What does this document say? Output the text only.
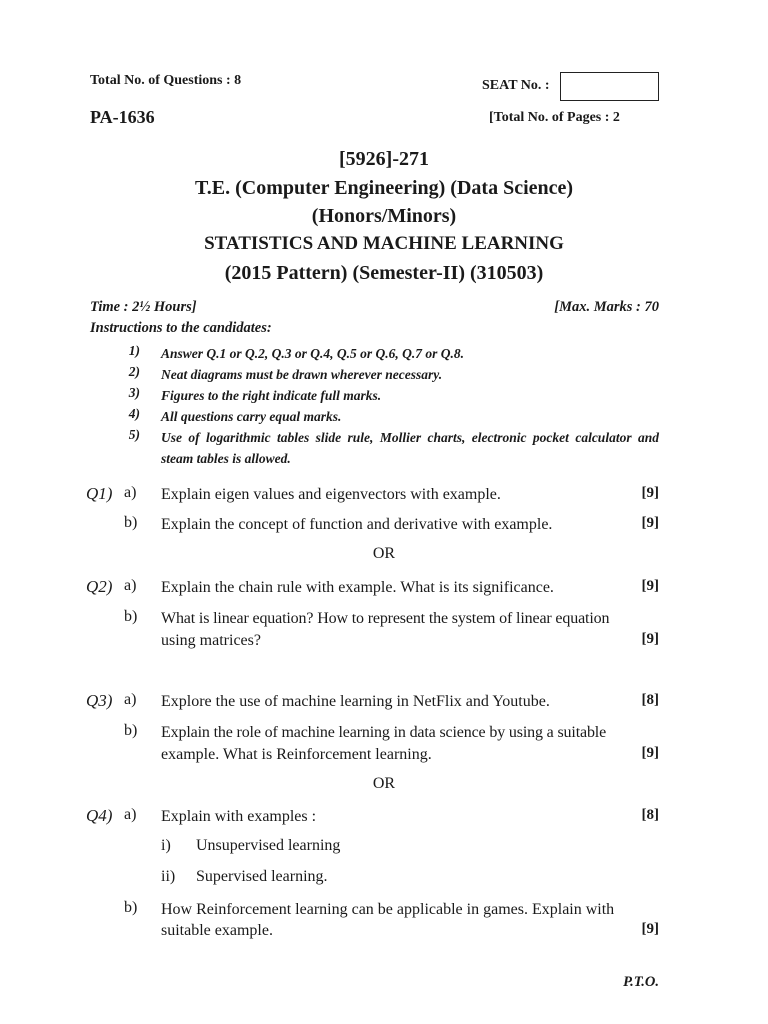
Total No. of Questions : 8	SEAT No. :
PA-1636	[Total No. of Pages : 2
[5926]-271
T.E. (Computer Engineering) (Data Science)
(Honors/Minors)
STATISTICS AND MACHINE LEARNING
(2015 Pattern) (Semester-II) (310503)
Time : 2½ Hours]	[Max. Marks : 70
Instructions to the candidates:
1) Answer Q.1 or Q.2, Q.3 or Q.4, Q.5 or Q.6, Q.7 or Q.8.
2) Neat diagrams must be drawn wherever necessary.
3) Figures to the right indicate full marks.
4) All questions carry equal marks.
5) Use of logarithmic tables slide rule, Mollier charts, electronic pocket calculator and steam tables is allowed.
Q1) a) Explain eigen values and eigenvectors with example.	[9]
b) Explain the concept of function and derivative with example.	[9]
OR
Q2) a) Explain the chain rule with example. What is its significance.	[9]
b) What is linear equation? How to represent the system of linear equation
using matrices?	[9]
Q3) a) Explore the use of machine learning in NetFlix and Youtube.	[8]
b) Explain the role of machine learning in data science by using a suitable
example. What is Reinforcement learning.	[9]
OR
Q4) a) Explain with examples :	[8]
i) Unsupervised learning
ii) Supervised learning.
b) How Reinforcement learning can be applicable in games. Explain with
suitable example.	[9]
P.T.O.
